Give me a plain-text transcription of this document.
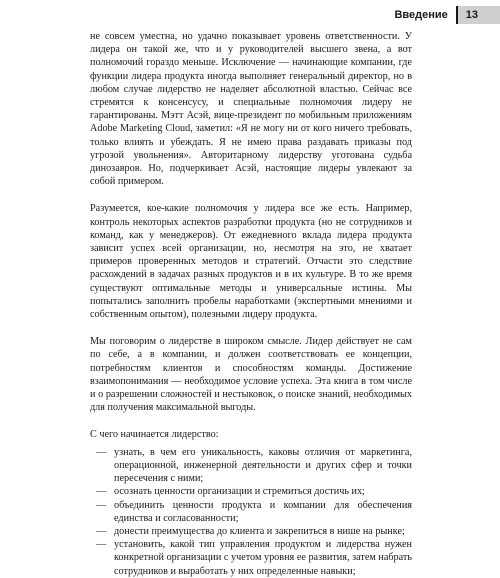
Введение	13

не совсем уместна, но удачно показывает уровень ответственности. У лидера он такой же, что и у руководителей высшего звена, а вот полномочий гораздо меньше. Исключение — начинающие компании, где функции лидера продукта иногда выполняет генеральный директор, но в любом случае лидерство не наделяет абсолютной властью. Сейчас все стремятся к консенсусу, и специальные полномочия лидеру не гарантированы. Мэтт Асэй, вице-президент по мобильным приложениям Adobe Marketing Cloud, заметил: «Я не могу ни от кого ничего требовать, только влиять и убеждать. Я не имею права раздавать приказы под угрозой увольнения». Авторитарному лидерству уготована судьба динозавров. Но, подчеркивает Асэй, настоящие лидеры увлекают за собой примером.

Разумеется, кое-какие полномочия у лидера все же есть. Например, контроль некоторых аспектов разработки продукта (но не сотрудников и команд, как у менеджеров). От ежедневного вклада лидера продукта зависит успех всей организации, но, несмотря на это, не хватает примеров проверенных методов и стратегий. Отчасти это следствие расхождений в задачах разных продуктов и в их культуре. В то же время существуют оптимальные методы и универсальные истины. Мы попытались заполнить пробелы наработками (экспертными мнениями и собственным опытом), полезными лидеру продукта.

Мы поговорим о лидерстве в широком смысле. Лидер действует не сам по себе, а в компании, и должен соответствовать ее концепции, потребностям клиентов и способностям команды. Достижение взаимопонимания — необходимое условие успеха. Эта книга в том числе и о разрешении сложностей и нестыковок, о поиске знаний, необходимых для получения максимальной выгоды.

С чего начинается лидерство:
— узнать, в чем его уникальность, каковы отличия от маркетинга, операционной, инженерной деятельности и других сфер и точки пересечения с ними;
— осознать ценности организации и стремиться достичь их;
— объединить ценности продукта и компании для обеспечения единства и согласованности;
— донести преимущества до клиента и закрепиться в нише на рынке;
— установить, какой тип управления продуктом и лидерства нужен конкретной организации с учетом уровня ее развития, затем набрать сотрудников и выработать у них определенные навыки;
